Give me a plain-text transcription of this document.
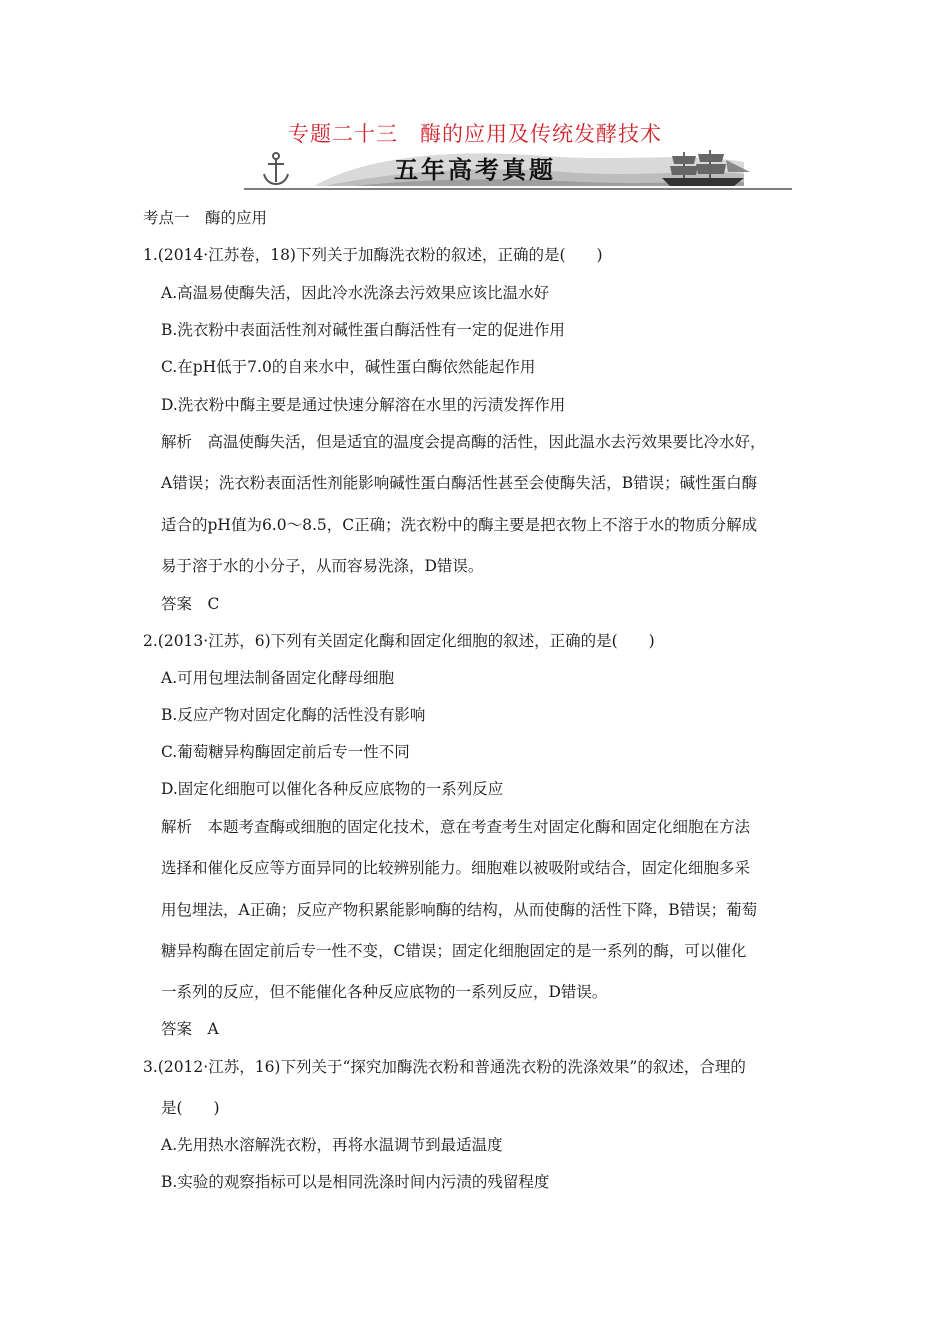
专题二十三　酶的应用及传统发酵技术
五年高考真题
考点一　酶的应用
1.(2014·江苏卷，18)下列关于加酶洗衣粉的叙述，正确的是(　　)
A.高温易使酶失活，因此冷水洗涤去污效果应该比温水好
B.洗衣粉中表面活性剂对碱性蛋白酶活性有一定的促进作用
C.在pH低于7.0的自来水中，碱性蛋白酶依然能起作用
D.洗衣粉中酶主要是通过快速分解溶在水里的污渍发挥作用
解析　高温使酶失活，但是适宜的温度会提高酶的活性，因此温水去污效果要比冷水好，
A错误；洗衣粉表面活性剂能影响碱性蛋白酶活性甚至会使酶失活，B错误；碱性蛋白酶
适合的pH值为6.0～8.5，C正确；洗衣粉中的酶主要是把衣物上不溶于水的物质分解成
易于溶于水的小分子，从而容易洗涤，D错误。
答案　C
2.(2013·江苏，6)下列有关固定化酶和固定化细胞的叙述，正确的是(　　)
A.可用包埋法制备固定化酵母细胞
B.反应产物对固定化酶的活性没有影响
C.葡萄糖异构酶固定前后专一性不同
D.固定化细胞可以催化各种反应底物的一系列反应
解析　本题考查酶或细胞的固定化技术，意在考查考生对固定化酶和固定化细胞在方法
选择和催化反应等方面异同的比较辨别能力。细胞难以被吸附或结合，固定化细胞多采
用包埋法，A正确；反应产物积累能影响酶的结构，从而使酶的活性下降，B错误；葡萄
糖异构酶在固定前后专一性不变，C错误；固定化细胞固定的是一系列的酶，可以催化
一系列的反应，但不能催化各种反应底物的一系列反应，D错误。
答案　A
3.(2012·江苏，16)下列关于“探究加酶洗衣粉和普通洗衣粉的洗涤效果”的叙述，合理的
是(　　)
A.先用热水溶解洗衣粉，再将水温调节到最适温度
B.实验的观察指标可以是相同洗涤时间内污渍的残留程度
